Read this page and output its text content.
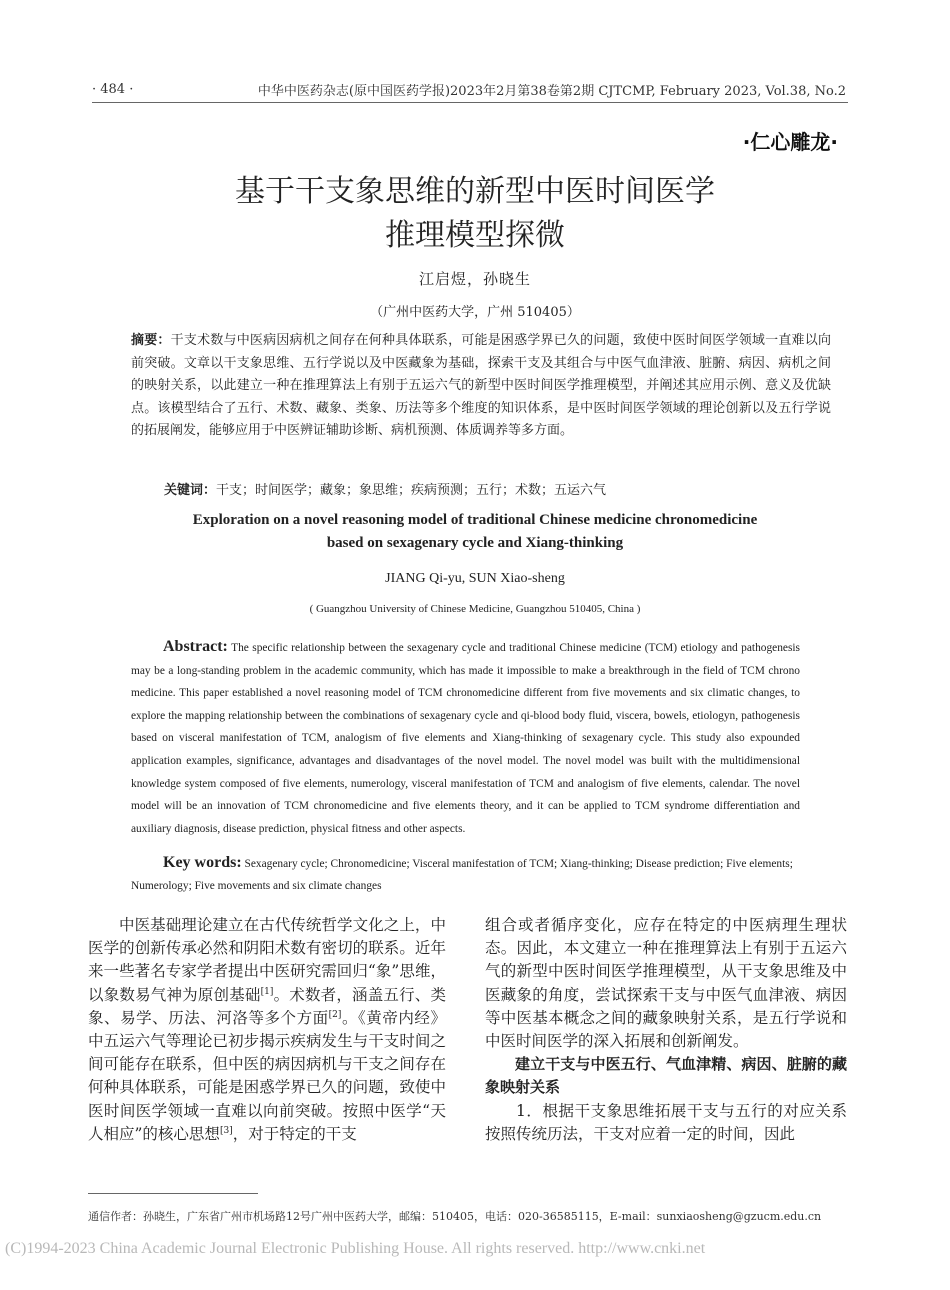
· 484 ·	中华中医药杂志(原中国医药学报)2023年2月第38卷第2期 CJTCMP, February 2023, Vol.38, No.2
·仁心雕龙·
基于干支象思维的新型中医时间医学
推理模型探微
江启煜，孙晓生
（广州中医药大学，广州 510405）
摘要：干支术数与中医病因病机之间存在何种具体联系，可能是困惑学界已久的问题，致使中医时间医学领域一直难以向前突破。文章以干支象思维、五行学说以及中医藏象为基础，探索干支及其组合与中医气血津液、脏腑、病因、病机之间的映射关系，以此建立一种在推理算法上有别于五运六气的新型中医时间医学推理模型，并阐述其应用示例、意义及优缺点。该模型结合了五行、术数、藏象、类象、历法等多个维度的知识体系，是中医时间医学领域的理论创新以及五行学说的拓展阐发，能够应用于中医辨证辅助诊断、病机预测、体质调养等多方面。
关键词：干支；时间医学；藏象；象思维；疾病预测；五行；术数；五运六气
Exploration on a novel reasoning model of traditional Chinese medicine chronomedicine
based on sexagenary cycle and Xiang-thinking
JIANG Qi-yu, SUN Xiao-sheng
( Guangzhou University of Chinese Medicine, Guangzhou 510405, China )
Abstract: The specific relationship between the sexagenary cycle and traditional Chinese medicine (TCM) etiology and pathogenesis may be a long-standing problem in the academic community, which has made it impossible to make a breakthrough in the field of TCM chrono medicine. This paper established a novel reasoning model of TCM chronomedicine different from five movements and six climatic changes, to explore the mapping relationship between the combinations of sexagenary cycle and qi-blood body fluid, viscera, bowels, etiologyn, pathogenesis based on visceral manifestation of TCM, analogism of five elements and Xiang-thinking of sexagenary cycle. This study also expounded application examples, significance, advantages and disadvantages of the novel model. The novel model was built with the multidimensional knowledge system composed of five elements, numerology, visceral manifestation of TCM and analogism of five elements, calendar. The novel model will be an innovation of TCM chronomedicine and five elements theory, and it can be applied to TCM syndrome differentiation and auxiliary diagnosis, disease prediction, physical fitness and other aspects.
Key words: Sexagenary cycle; Chronomedicine; Visceral manifestation of TCM; Xiang-thinking; Disease prediction; Five elements; Numerology; Five movements and six climate changes

中医基础理论建立在古代传统哲学文化之上，中医学的创新传承必然和阴阳术数有密切的联系。近年来一些著名专家学者提出中医研究需回归“象”思维，以象数易气神为原创基础[1]。术数者，涵盖五行、类象、易学、历法、河洛等多个方面[2]。《黄帝内经》中五运六气等理论已初步揭示疾病发生与干支时间之间可能存在联系，但中医的病因病机与干支之间存在何种具体联系，可能是困惑学界已久的问题，致使中医时间医学领域一直难以向前突破。按照中医学“天人相应”的核心思想[3]，对于特定的干支

组合或者循序变化，应存在特定的中医病理生理状态。因此，本文建立一种在推理算法上有别于五运六气的新型中医时间医学推理模型，从干支象思维及中医藏象的角度，尝试探索干支与中医气血津液、病因等中医基本概念之间的藏象映射关系，是五行学说和中医时间医学的深入拓展和创新阐发。

建立干支与中医五行、气血津精、病因、脏腑的藏象映射关系

1．根据干支象思维拓展干支与五行的对应关系 按照传统历法，干支对应着一定的时间，因此

通信作者：孙晓生，广东省广州市机场路12号广州中医药大学，邮编：510405，电话：020-36585115，E-mail：sunxiaosheng@gzucm.edu.cn
(C)1994-2023 China Academic Journal Electronic Publishing House. All rights reserved. http://www.cnki.net
